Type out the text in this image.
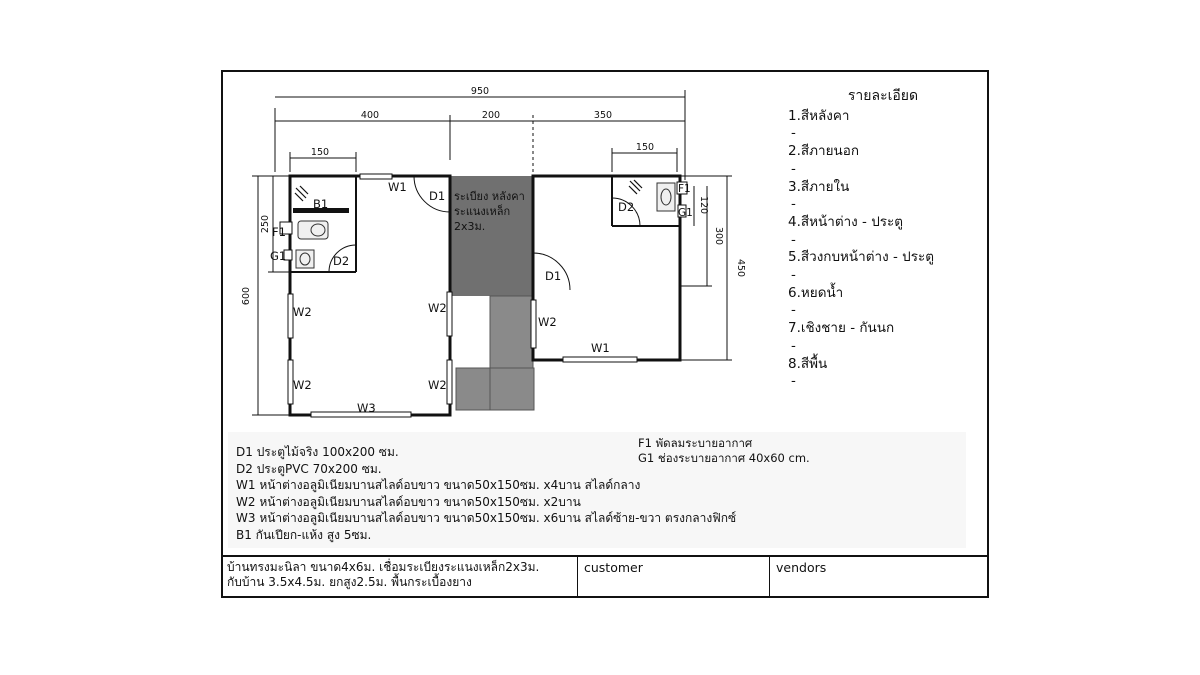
950
400	200	350
150	150
600
250
450
300
120
B1
F1
G1	D2
W1
D1
W2
W2
W2
W2
W3
D1
W2
W1
D2
F1
G1
ระเบียง หลังคา
ระแนงเหล็ก
2x3ม.
รายละเอียด
1.สีหลังคา
-
2.สีภายนอก
-
3.สีภายใน
-
4.สีหน้าต่าง - ประตู
-
5.สีวงกบหน้าต่าง - ประตู
-
6.หยดน้ำ
-
7.เชิงชาย - กันนก
-
8.สีพื้น
-
D1 ประตูไม้จริง 100x200 ซม.
D2 ประตูPVC 70x200 ซม.
W1 หน้าต่างอลูมิเนียมบานสไลด์อบขาว ขนาด50x150ซม. x4บาน สไลด์กลาง
W2 หน้าต่างอลูมิเนียมบานสไลด์อบขาว ขนาด50x150ซม. x2บาน
W3 หน้าต่างอลูมิเนียมบานสไลด์อบขาว ขนาด50x150ซม. x6บาน สไลด์ซ้าย-ขวา ตรงกลางฟิกซ์
B1 กันเปียก-แห้ง สูง 5ซม.
F1 พัดลมระบายอากาศ
G1 ช่องระบายอากาศ 40x60 cm.
บ้านทรงมะนิลา ขนาด4x6ม. เชื่อมระเบียงระแนงเหล็ก2x3ม.
กับบ้าน 3.5x4.5ม. ยกสูง2.5ม. พื้นกระเบื้องยาง
customer	vendors
